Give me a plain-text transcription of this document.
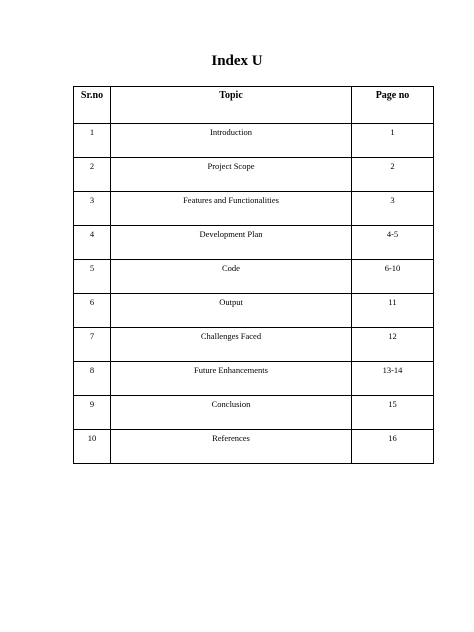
Index U
Sr.no	Topic	Page no
1	Introduction	1
2	Project Scope	2
3	Features and Functionalities	3
4	Development Plan	4-5
5	Code	6-10
6	Output	11
7	Challenges Faced	12
8	Future Enhancements	13-14
9	Conclusion	15
10	References	16
